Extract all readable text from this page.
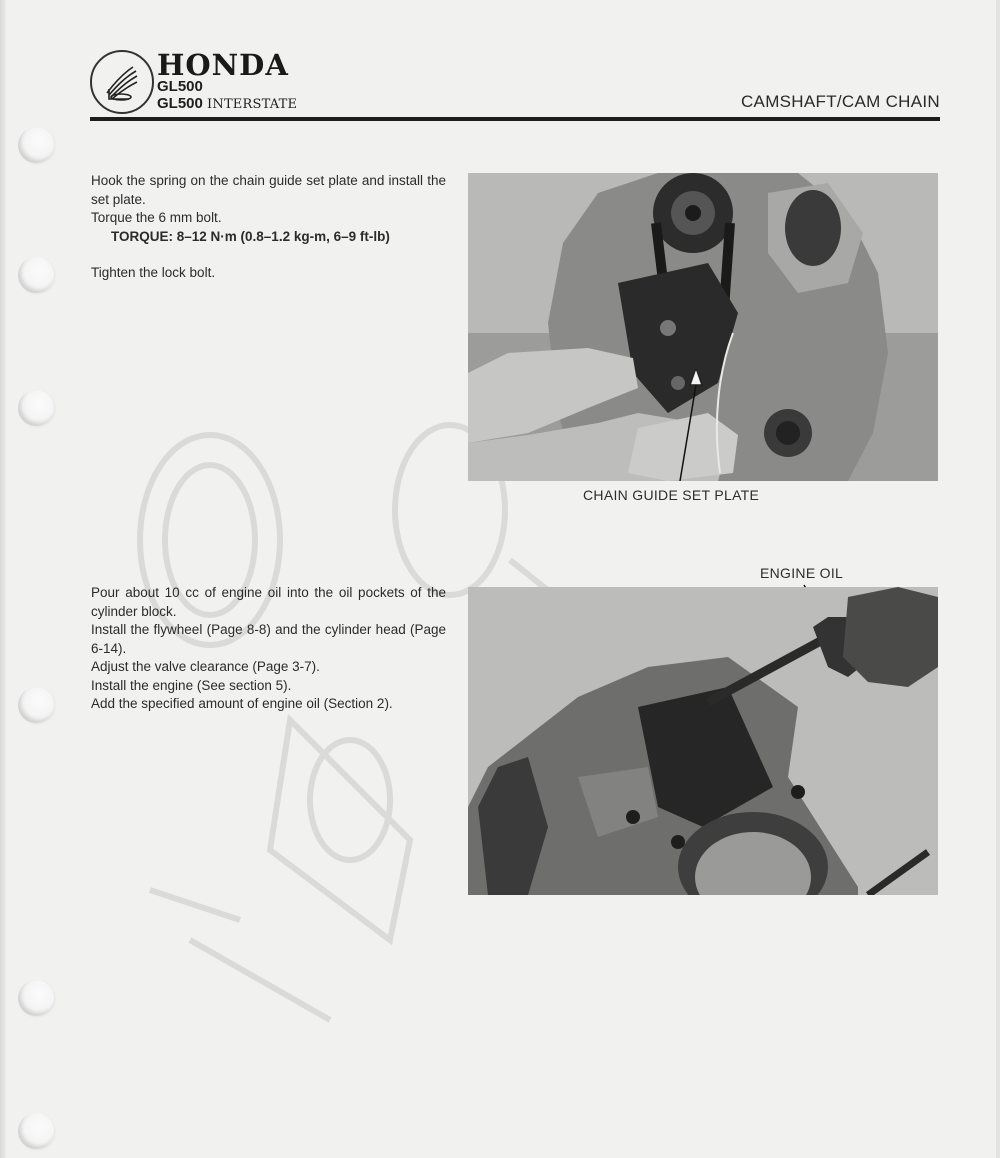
HONDA
GL500
GL500 INTERSTATE	CAMSHAFT/CAM CHAIN

Hook the spring on the chain guide set plate and install the set plate.

Torque the 6 mm bolt.

TORQUE: 8–12 N·m (0.8–1.2 kg-m, 6–9 ft-lb)

Tighten the lock bolt.

Pour about 10 cc of engine oil into the oil pockets of the cylinder block.

Install the flywheel (Page 8-8) and the cylinder head (Page 6-14).

Adjust the valve clearance (Page 3-7).

Install the engine (See section 5).

Add the specified amount of engine oil (Section 2).

CHAIN GUIDE SET PLATE
ENGINE OIL
